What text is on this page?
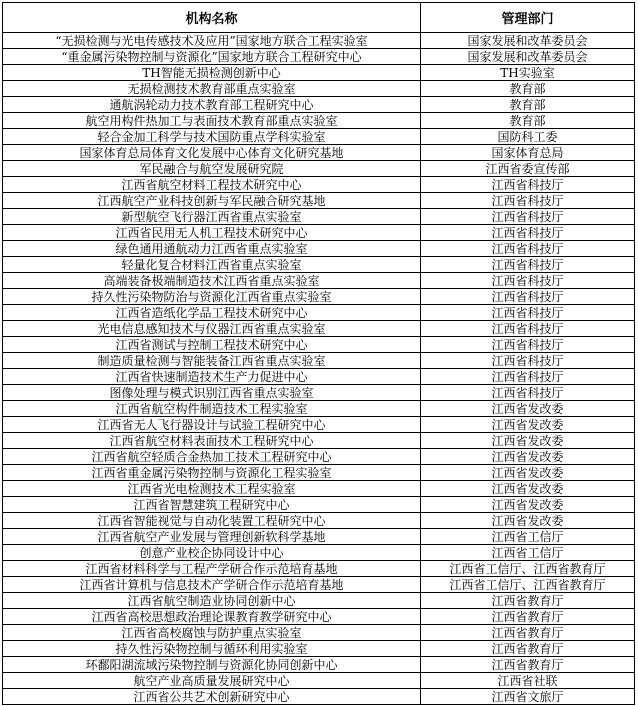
机构名称	管理部门
“无损检测与光电传感技术及应用”国家地方联合工程实验室	国家发展和改革委员会
“重金属污染物控制与资源化”国家地方联合工程研究中心	国家发展和改革委员会
TH智能无损检测创新中心	TH实验室
无损检测技术教育部重点实验室	教育部
通航涡轮动力技术教育部工程研究中心	教育部
航空用构件热加工与表面技术教育部重点实验室	教育部
轻合金加工科学与技术国防重点学科实验室	国防科工委
国家体育总局体育文化发展中心体育文化研究基地	国家体育总局
军民融合与航空发展研究院	江西省委宣传部
江西省航空材料工程技术研究中心	江西省科技厅
江西航空产业科技创新与军民融合研究基地	江西省科技厅
新型航空飞行器江西省重点实验室	江西省科技厅
江西省民用无人机工程技术研究中心	江西省科技厅
绿色通用通航动力江西省重点实验室	江西省科技厅
轻量化复合材料江西省重点实验室	江西省科技厅
高端装备极端制造技术江西省重点实验室	江西省科技厅
持久性污染物防治与资源化江西省重点实验室	江西省科技厅
江西省造纸化学品工程技术研究中心	江西省科技厅
光电信息感知技术与仪器江西省重点实验室	江西省科技厅
江西省测试与控制工程技术研究中心	江西省科技厅
制造质量检测与智能装备江西省重点实验室	江西省科技厅
江西省快速制造技术生产力促进中心	江西省科技厅
图像处理与模式识别江西省重点实验室	江西省科技厅
江西省航空构件制造技术工程实验室	江西省发改委
江西省无人飞行器设计与试验工程研究中心	江西省发改委
江西省航空材料表面技术工程研究中心	江西省发改委
江西省航空轻质合金热加工技术工程研究中心	江西省发改委
江西省重金属污染物控制与资源化工程实验室	江西省发改委
江西省光电检测技术工程实验室	江西省发改委
江西省智慧建筑工程研究中心	江西省发改委
江西省智能视觉与自动化装置工程研究中心	江西省发改委
江西省航空产业发展与管理创新软科学基地	江西省工信厅
创意产业校企协同设计中心	江西省工信厅
江西省材料科学与工程产学研合作示范培育基地	江西省工信厅、江西省教育厅
江西省计算机与信息技术产学研合作示范培育基地	江西省工信厅、江西省教育厅
江西省航空制造业协同创新中心	江西省教育厅
江西省高校思想政治理论课教育教学研究中心	江西省教育厅
江西省高校腐蚀与防护重点实验室	江西省教育厅
持久性污染物控制与循环利用实验室	江西省教育厅
环鄱阳湖流域污染物控制与资源化协同创新中心	江西省教育厅
航空产业高质量发展研究中心	江西省社联
江西省公共艺术创新研究中心	江西省文旅厅
